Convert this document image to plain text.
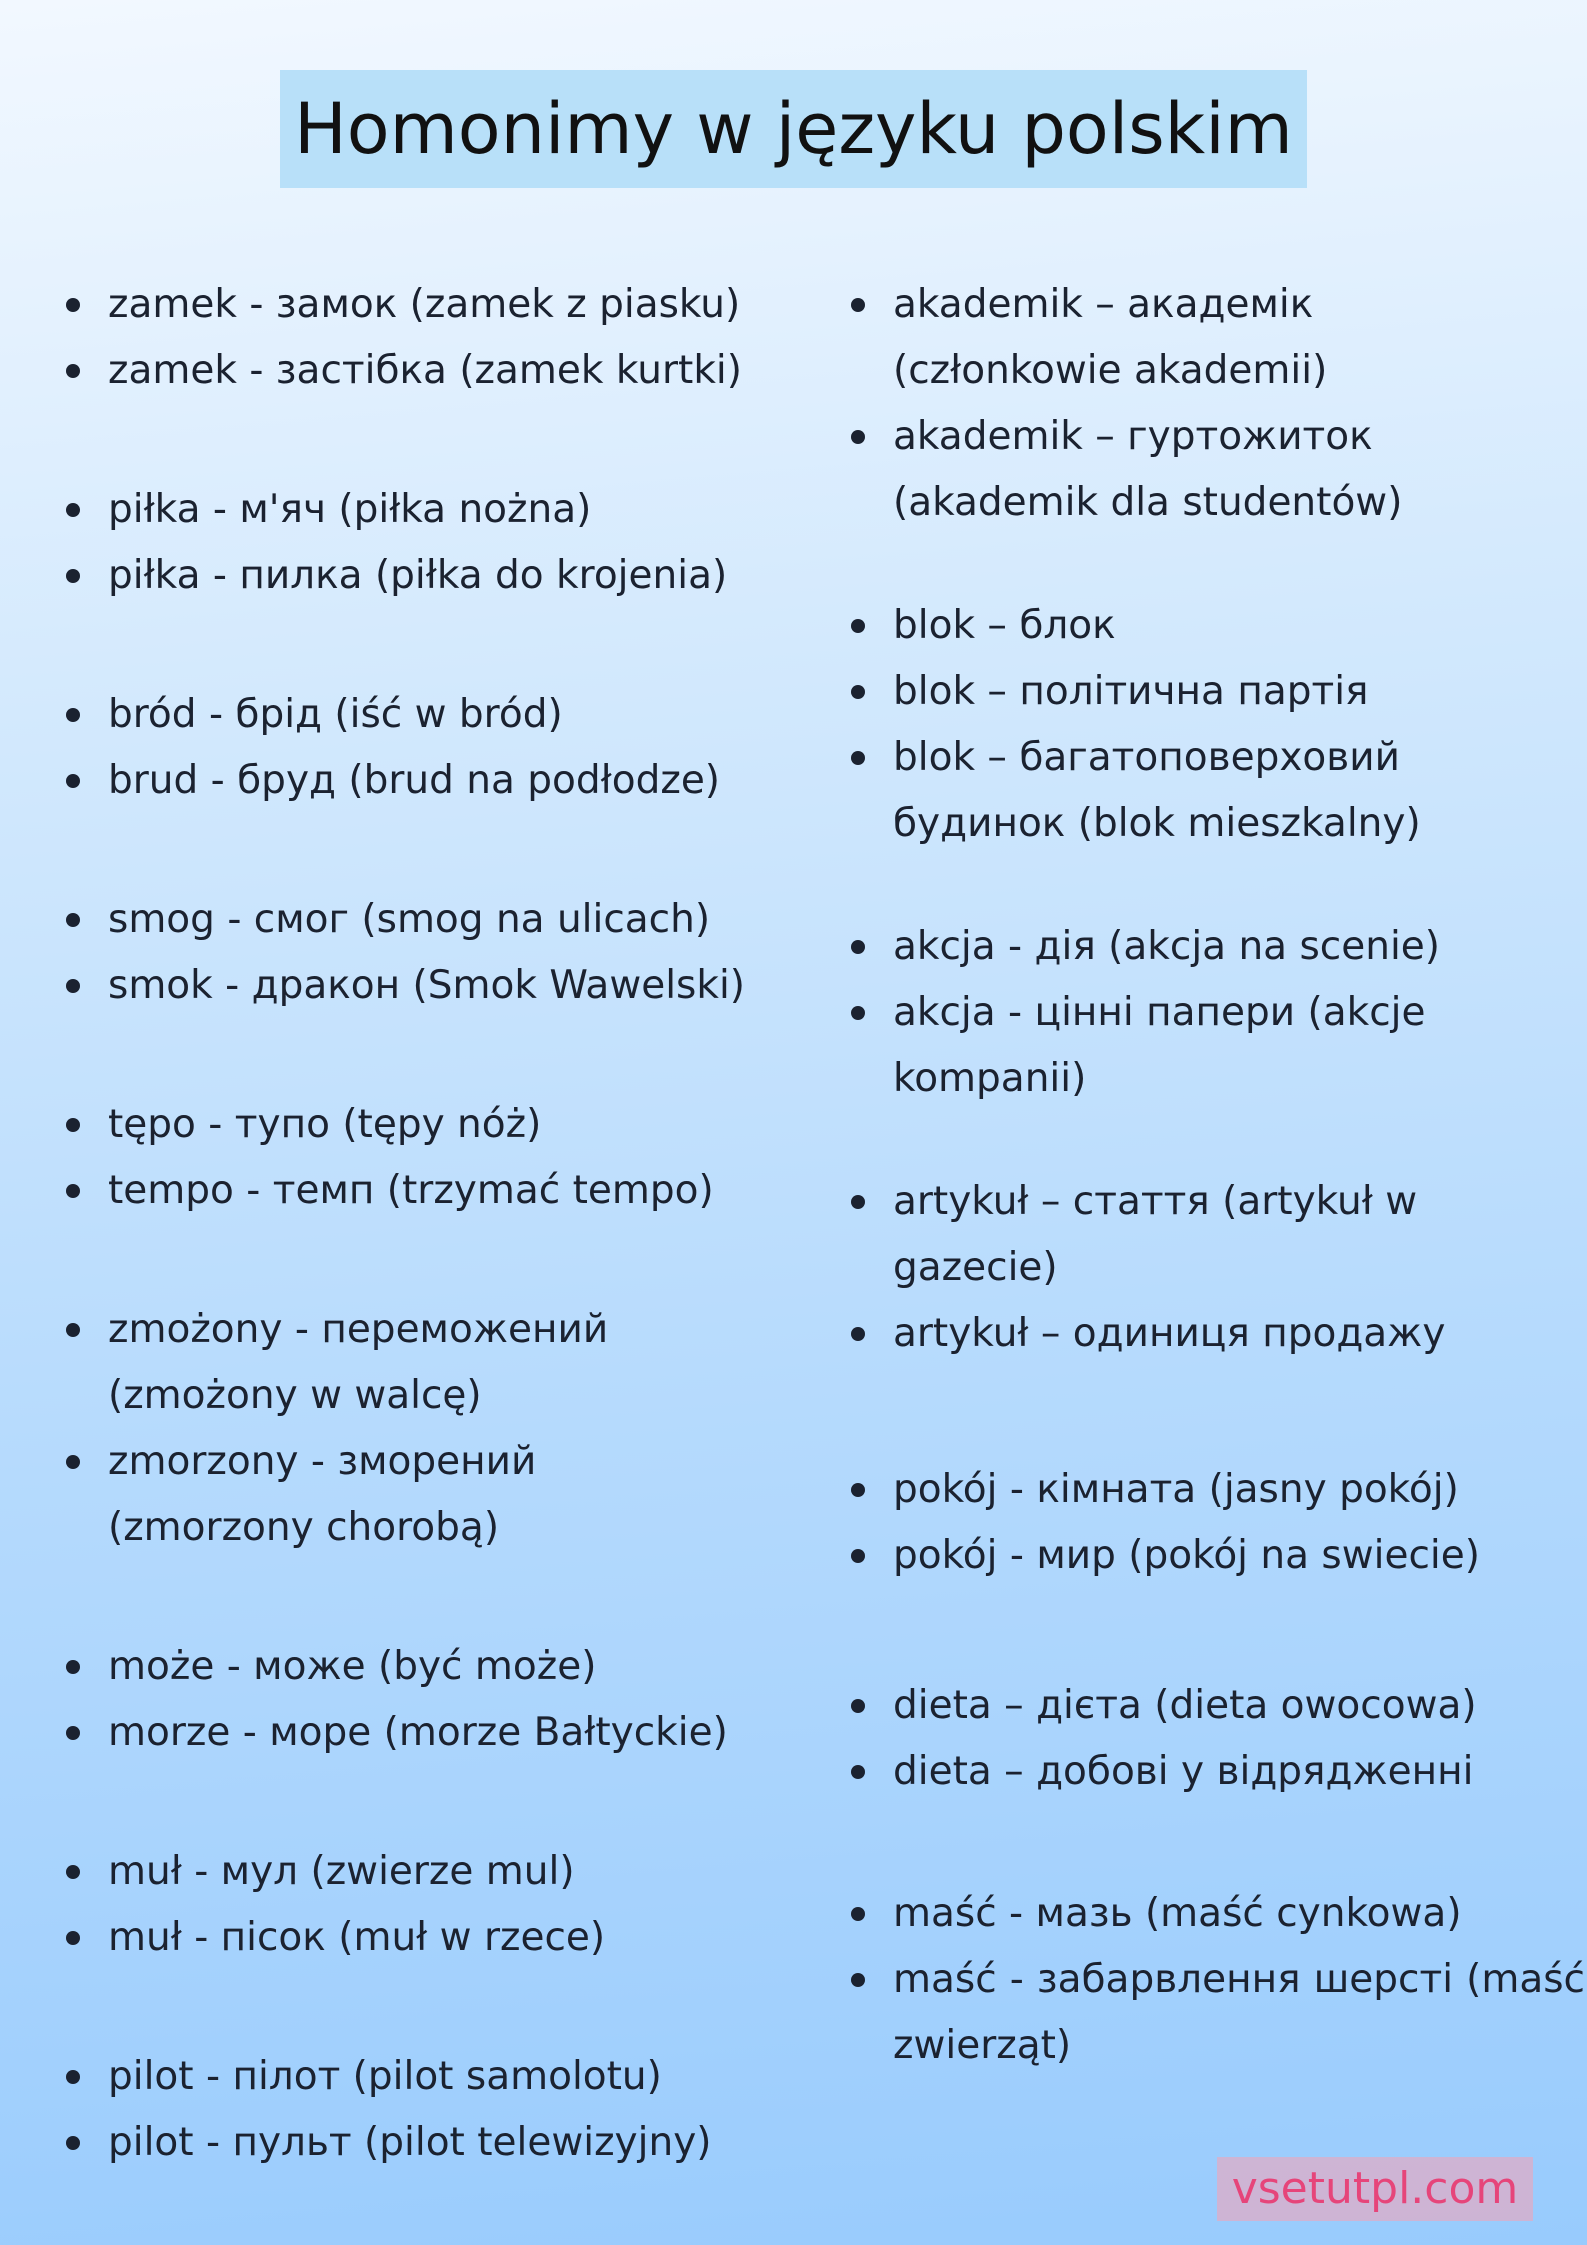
Homonimy w języku polskim
zamek - замок (zamek z piasku)
zamek - застібка (zamek kurtki)
piłka - м'яч (piłka nożna)
piłka - пилка (piłka do krojenia)
bród - брід (iść w bród)
brud - бруд (brud na podłodze)
smog - смог (smog na ulicach)
smok - дракон (Smok Wawelski)
tępo - тупо (tępy nóż)
tempo - темп (trzymać tempo)
zmożony - переможений (zmożony w walcę)
zmorzony - зморений (zmorzony chorobą)
może - може (być może)
morze - море (morze Bałtyckie)
muł - мул (zwierze mul)
muł - пісок (muł w rzece)
pilot - пілот (pilot samolotu)
pilot - пульт (pilot telewizyjny)
akademik – академік (członkowie akademii)
akademik – гуртожиток (akademik dla studentów)
blok – блок
blok – політична партія
blok – багатоповерховий будинок (blok mieszkalny)
akcja - дія (akcja na scenie)
akcja - цінні папери (akcje kompanii)
artykuł – стаття (artykuł w gazecie)
artykuł – одиниця продажу
pokój - кімната (jasny pokój)
pokój - мир (pokój na swiecie)
dieta – дієта (dieta owocowa)
dieta – добові у відрядженні
maść - мазь (maść cynkowa)
maść - забарвлення шерсті (maść zwierząt)
vsetutpl.com
